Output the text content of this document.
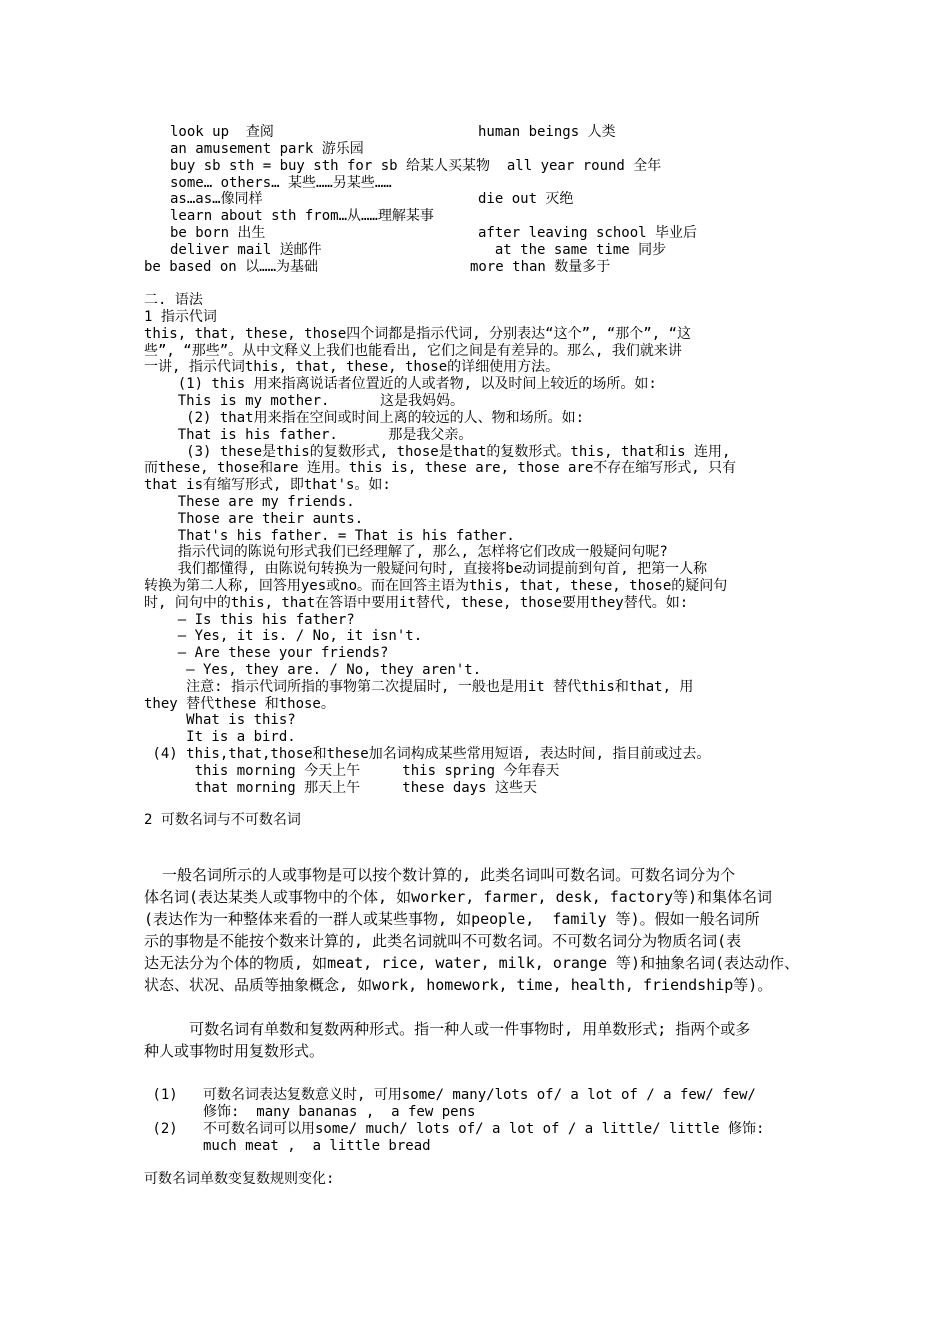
look up  查阅	human beings 人类
an amusement park 游乐园
buy sb sth = buy sth for sb 给某人买某物  all year round 全年
some… others… 某些……另某些……
as…as…像同样	die out 灭绝
learn about sth from…从……理解某事
be born 出生	after leaving school 毕业后
deliver mail 送邮件	at the same time 同步
be based on 以……为基础	more than 数量多于
二. 语法
1 指示代词
this, that, these, those四个词都是指示代词, 分别表达“这个”, “那个”, “这
些”, “那些”。从中文释义上我们也能看出, 它们之间是有差异的。那么, 我们就来讲
一讲, 指示代词this, that, these, those的详细使用方法。
(1) this 用来指离说话者位置近的人或者物, 以及时间上较近的场所。如:
This is my mother.      这是我妈妈。
(2) that用来指在空间或时间上离的较远的人、物和场所。如:
That is his father.      那是我父亲。
(3) these是this的复数形式, those是that的复数形式。this, that和is 连用,
而these, those和are 连用。this is, these are, those are不存在缩写形式, 只有
that is有缩写形式, 即that's。如:
These are my friends.
Those are their aunts.
That's his father. = That is his father.
指示代词的陈说句形式我们已经理解了, 那么, 怎样将它们改成一般疑问句呢?
我们都懂得, 由陈说句转换为一般疑问句时, 直接将be动词提前到句首, 把第一人称
转换为第二人称, 回答用yes或no。而在回答主语为this, that, these, those的疑问句
时, 问句中的this, that在答语中要用it替代, these, those要用they替代。如:
— Is this his father?
— Yes, it is. / No, it isn't.
— Are these your friends?
— Yes, they are. / No, they aren't.
注意: 指示代词所指的事物第二次提届时, 一般也是用it 替代this和that, 用
they 替代these 和those。
What is this?
It is a bird.
(4) this,that,those和these加名词构成某些常用短语, 表达时间, 指目前或过去。
this morning 今天上午     this spring 今年春天
that morning 那天上午     these days 这些天
2 可数名词与不可数名词
一般名词所示的人或事物是可以按个数计算的, 此类名词叫可数名词。可数名词分为个
体名词(表达某类人或事物中的个体, 如worker, farmer, desk, factory等)和集体名词
(表达作为一种整体来看的一群人或某些事物, 如people,  family 等)。假如一般名词所
示的事物是不能按个数来计算的, 此类名词就叫不可数名词。不可数名词分为物质名词(表
达无法分为个体的物质, 如meat, rice, water, milk, orange 等)和抽象名词(表达动作、
状态、状况、品质等抽象概念, 如work, homework, time, health, friendship等)。
可数名词有单数和复数两种形式。指一种人或一件事物时, 用单数形式; 指两个或多
种人或事物时用复数形式。
(1)   可数名词表达复数意义时, 可用some/ many/lots of/ a lot of / a few/ few/
修饰:  many bananas ,  a few pens
(2)   不可数名词可以用some/ much/ lots of/ a lot of / a little/ little 修饰:
much meat ,  a little bread
可数名词单数变复数规则变化:
